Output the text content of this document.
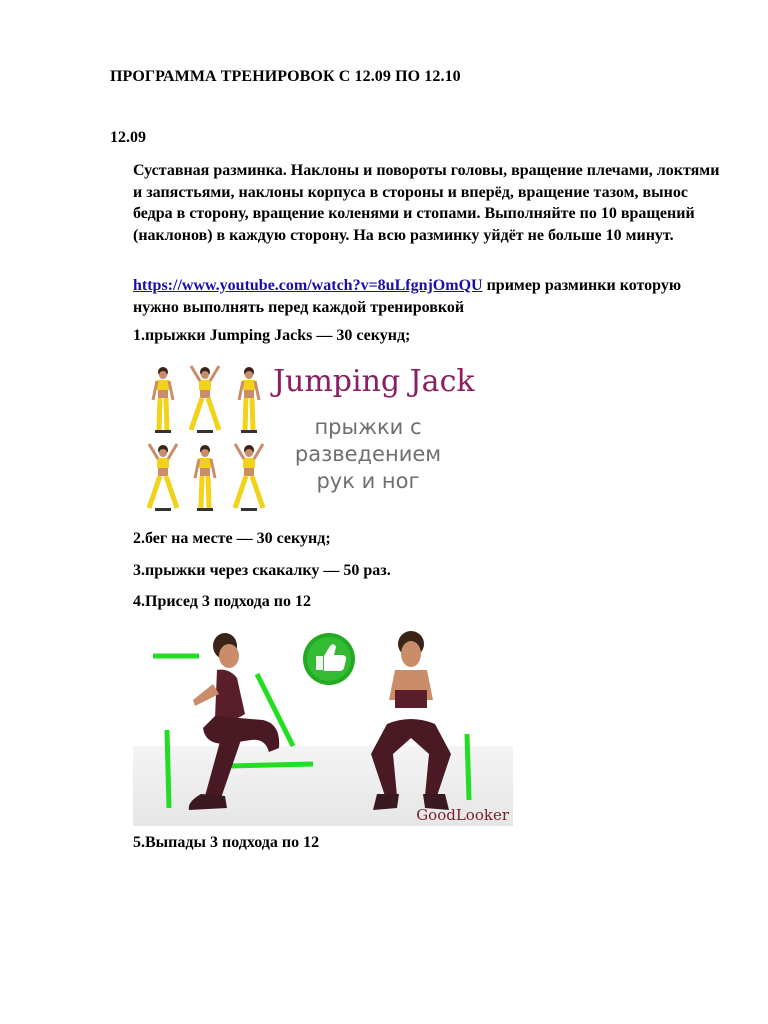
ПРОГРАММА ТРЕНИРОВОК С 12.09 ПО 12.10
12.09
Суставная разминка. Наклоны и повороты головы, вращение плечами, локтями и запястьями, наклоны корпуса в стороны и вперёд, вращение тазом, вынос бедра в сторону, вращение коленями и стопами. Выполняйте по 10 вращений (наклонов) в каждую сторону. На всю разминку уйдёт не больше 10 минут.
https://www.youtube.com/watch?v=8uLfgnjOmQU пример разминки которую нужно выполнять перед каждой тренировкой
1.прыжки Jumping Jacks — 30 секунд;
Jumping Jack
прыжки с разведением рук и ног
2.бег на месте — 30 секунд;
3.прыжки через скакалку — 50 раз.
4.Присед 3 подхода по 12
GoodLooker
5.Выпады 3 подхода по 12
